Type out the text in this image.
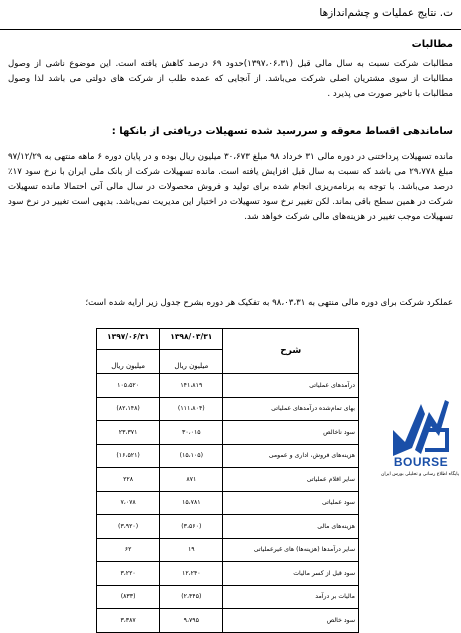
ت. نتایج عملیات و چشم‌اندازها
مطالبات
مطالبات شرکت نسبت به سال مالی قبل (۱۳۹۷،۰۶،۳۱)حدود ۶۹ درصد کاهش یافته است. این موضوع ناشی از وصول مطالبات از سوی مشتریان اصلی شرکت می‌باشد. از آنجایی که عمده طلب از شرکت های دولتی می باشد لذا وصول مطالبات با تاخیر صورت می پذیرد .
ساماندهی اقساط معوقه و سررسید شده تسهیلات دریافتی از بانکها :
مانده تسهیلات پرداختنی در دوره مالی ۳۱ خرداد ۹۸ مبلغ ۳۰،۶۷۳ میلیون ریال بوده و در پایان دوره ۶ ماهه منتهی به ۹۷/۱۲/۲۹ مبلغ ۲۹،۷۷۸ می باشد که نسبت به سال قبل افزایش یافته است. مانده تسهیلات شرکت از بانک ملی ایران با نرخ سود ۱۷٪ درصد می‌باشد. با توجه به برنامه‌ریزی انجام شده برای تولید و فروش محصولات در سال مالی آتی احتمالا مانده تسهیلات شرکت در همین سطح باقی بماند. لکن تغییر نرخ سود تسهیلات در اختیار این مدیریت نمی‌باشد. بدیهی است تغییر در نرخ سود تسهیلات موجب تغییر در هزینه‌های مالی شرکت خواهد شد.
عملکرد شرکت برای دوره مالی منتهی به ۹۸،۰۳،۳۱ به تفکیک هر دوره بشرح جدول زیر ارایه شده است؛
شرح	۱۳۹۸/۰۳/۳۱	۱۳۹۷/۰۶/۳۱
	میلیون ریال	میلیون ریال
درآمدهای عملیاتی	۱۴۱،۸۱۹	۱۰۵،۵۲۰
بهای تمام‌شده درآمدهای عملیاتی	(۱۱۱،۸۰۴)	(۸۲،۱۴۸)
سود ناخالص	۳۰،۰۱۵	۲۳،۳۷۱
هزینه‌های فروش، اداری و عمومی	(۱۵،۱۰۵)	(۱۶،۵۲۱)
سایر اقلام عملیاتی	۸۷۱	۲۲۸
سود عملیاتی	۱۵،۷۸۱	۷،۰۷۸
هزینه‌های مالی	(۳،۵۶۰)	(۳،۹۲۰)
سایر درآمدها (هزینه‌ها) های غیرعملیاتی	۱۹	۶۲
سود قبل از کسر مالیات	۱۲،۲۴۰	۳،۲۲۰
مالیات بر درآمد	(۲،۴۴۵)	(۸۳۳)
سود خالص	۹،۷۹۵	۳،۳۸۷
BOURSE
پایگاه اطلاع رسانی و تحلیلی بورس ایران
